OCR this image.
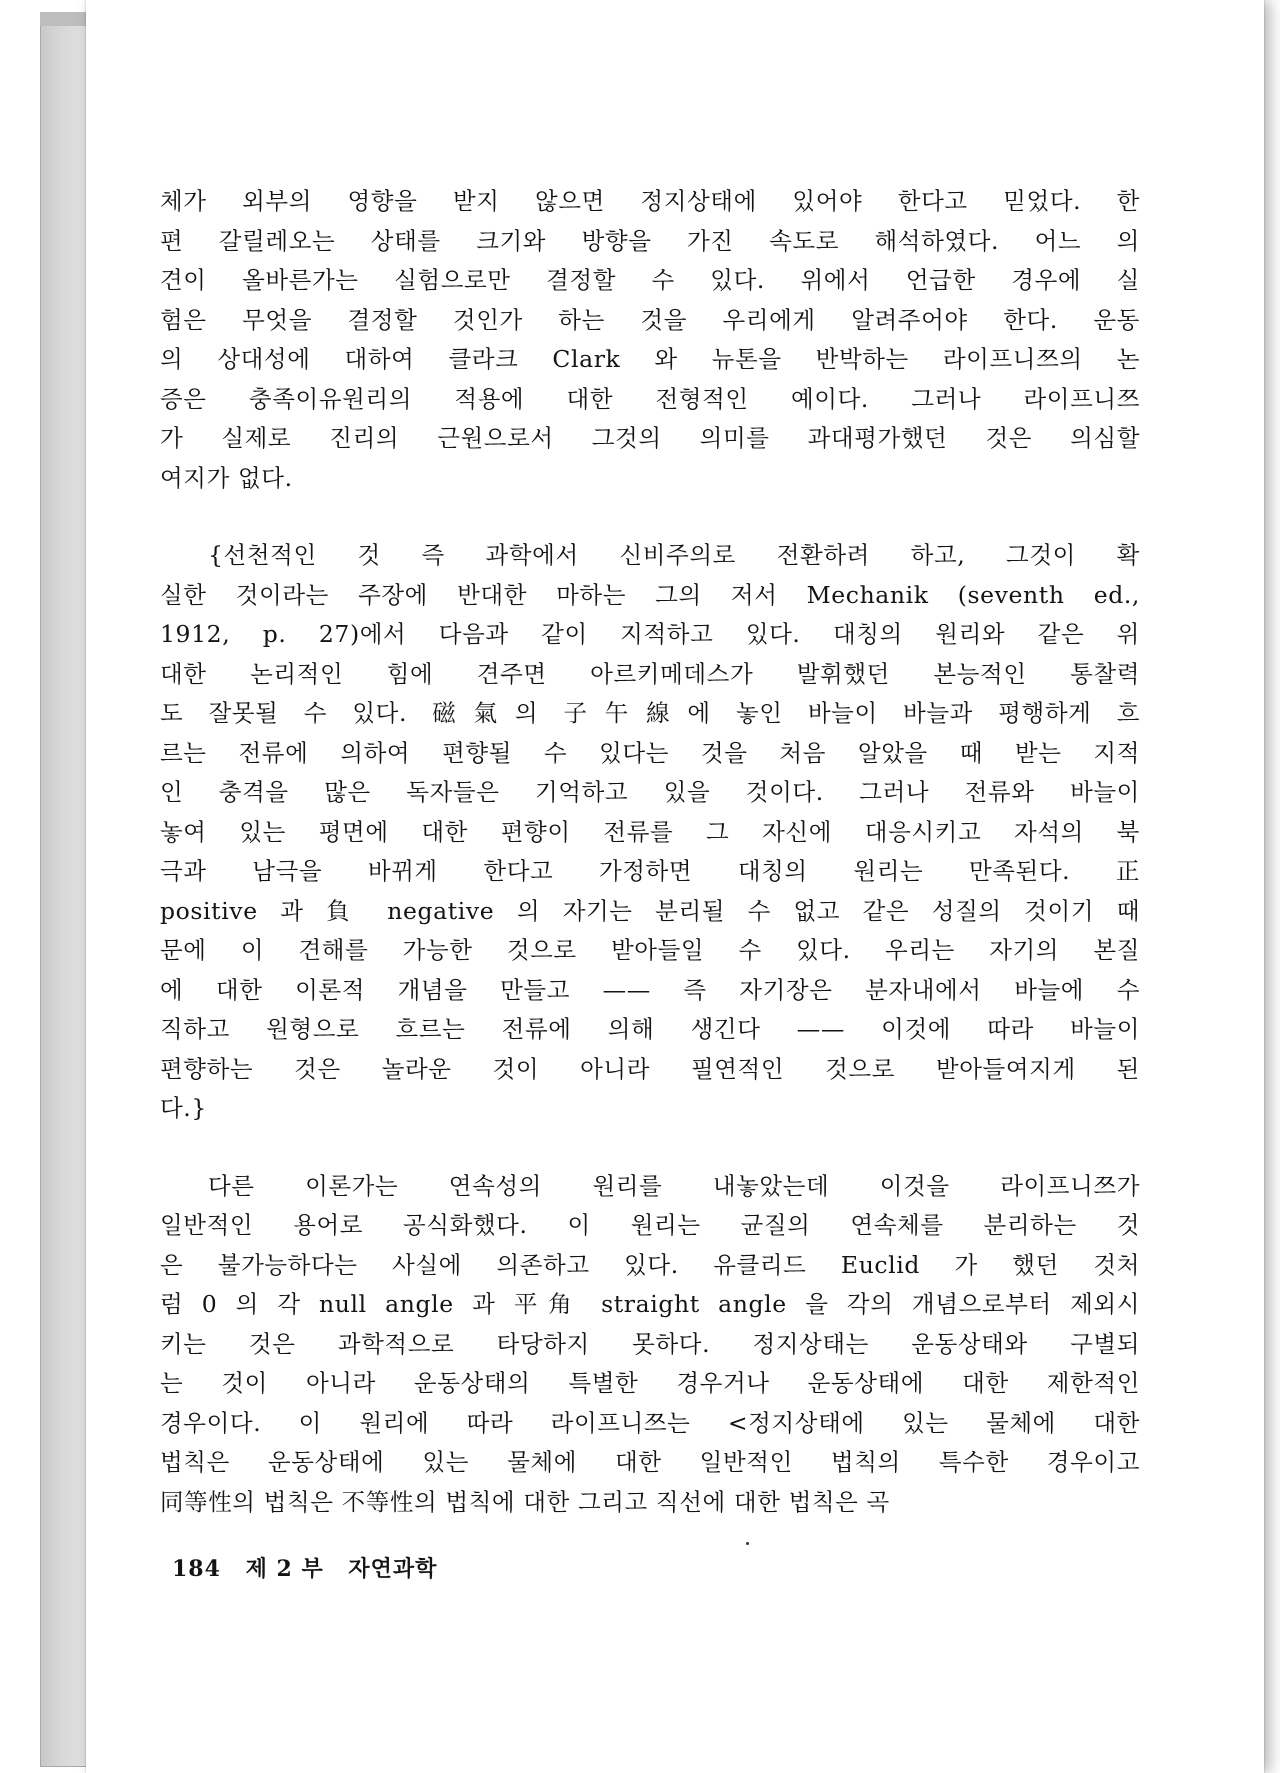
체가 외부의 영향을 받지 않으면 정지상태에 있어야 한다고 믿었다. 한
편 갈릴레오는 상태를 크기와 방향을 가진 속도로 해석하였다. 어느 의
견이 올바른가는 실험으로만 결정할 수 있다. 위에서 언급한 경우에 실
험은 무엇을 결정할 것인가 하는 것을 우리에게 알려주어야 한다. 운동
의 상대성에 대하여 클라크 Clark 와 뉴톤을 반박하는 라이프니쯔의 논
증은 충족이유원리의 적용에 대한 전형적인 예이다. 그러나 라이프니쯔
가 실제로 진리의 근원으로서 그것의 의미를 과대평가했던 것은 의심할
여지가 없다.
{선천적인 것 즉 과학에서 신비주의로 전환하려 하고, 그것이 확
실한 것이라는 주장에 반대한 마하는 그의 저서 Mechanik (seventh ed.,
1912, p. 27)에서 다음과 같이 지적하고 있다. 대칭의 원리와 같은 위
대한 논리적인 힘에 견주면 아르키메데스가 발휘했던 본능적인 통찰력
도 잘못될 수 있다. 磁氣의 子午線에 놓인 바늘이 바늘과 평행하게 흐
르는 전류에 의하여 편향될 수 있다는 것을 처음 알았을 때 받는 지적
인 충격을 많은 독자들은 기억하고 있을 것이다. 그러나 전류와 바늘이
놓여 있는 평면에 대한 편향이 전류를 그 자신에 대응시키고 자석의 북
극과 남극을 바뀌게 한다고 가정하면 대칭의 원리는 만족된다. 正
positive 과 負 negative 의 자기는 분리될 수 없고 같은 성질의 것이기 때
문에 이 견해를 가능한 것으로 받아들일 수 있다. 우리는 자기의 본질
에 대한 이론적 개념을 만들고 —— 즉 자기장은 분자내에서 바늘에 수
직하고 원형으로 흐르는 전류에 의해 생긴다 —— 이것에 따라 바늘이
편향하는 것은 놀라운 것이 아니라 필연적인 것으로 받아들여지게 된
다.}
다른 이론가는 연속성의 원리를 내놓았는데 이것을 라이프니쯔가
일반적인 용어로 공식화했다. 이 원리는 균질의 연속체를 분리하는 것
은 불가능하다는 사실에 의존하고 있다. 유클리드 Euclid 가 했던 것처
럼 0 의 각 null angle 과 平角 straight angle 을 각의 개념으로부터 제외시
키는 것은 과학적으로 타당하지 못하다. 정지상태는 운동상태와 구별되
는 것이 아니라 운동상태의 특별한 경우거나 운동상태에 대한 제한적인
경우이다. 이 원리에 따라 라이프니쯔는 <정지상태에 있는 물체에 대한
법칙은 운동상태에 있는 물체에 대한 일반적인 법칙의 특수한 경우이고
同等性의 법칙은 不等性의 법칙에 대한 그리고 직선에 대한 법칙은 곡
184 제 2 부 자연과학
